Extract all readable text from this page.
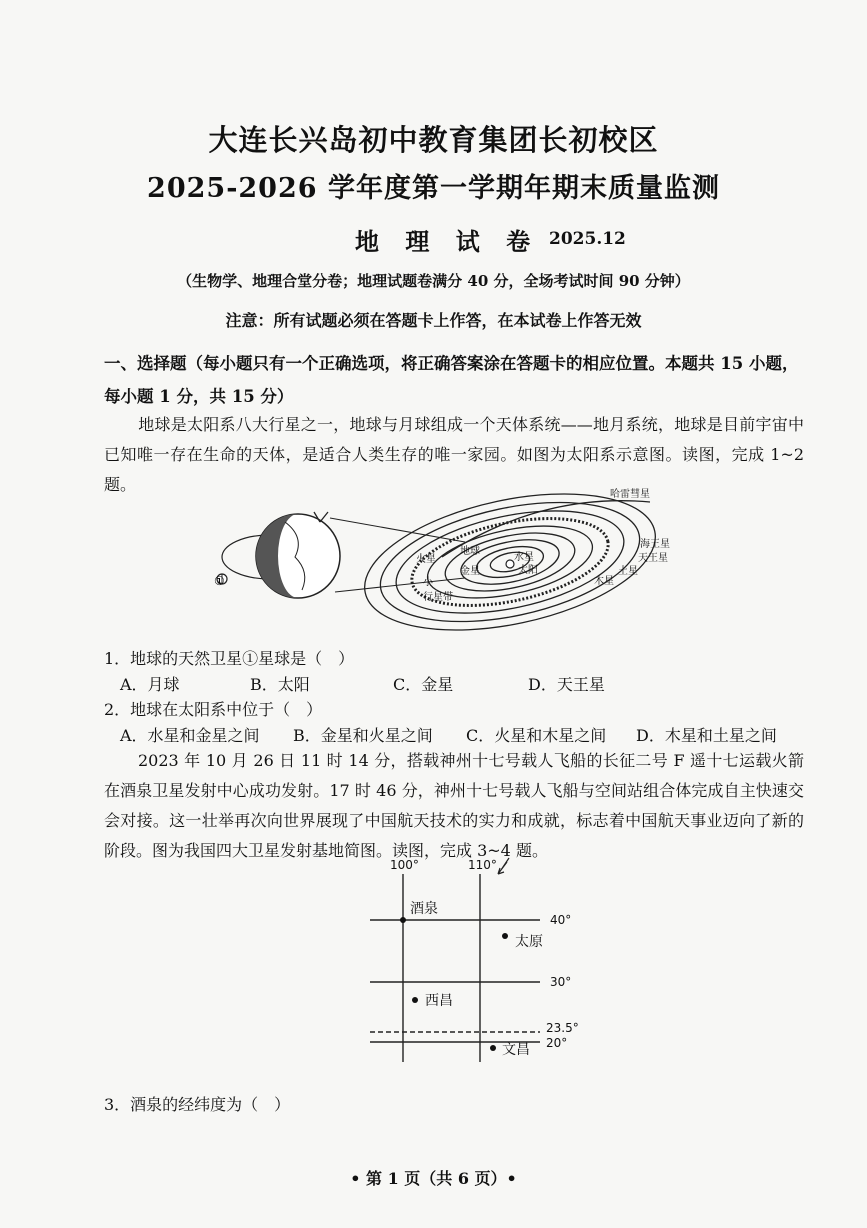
大连长兴岛初中教育集团长初校区
2025-2026 学年度第一学期年期末质量监测
地 理 试 卷 2025.12
（生物学、地理合堂分卷；地理试题卷满分 40 分，全场考试时间 90 分钟）
注意：所有试题必须在答题卡上作答，在本试卷上作答无效
一、选择题（每小题只有一个正确选项，将正确答案涂在答题卡的相应位置。本题共 15 小题，每小题 1 分，共 15 分）
地球是太阳系八大行星之一，地球与月球组成一个天体系统——地月系统，地球是目前宇宙中已知唯一存在生命的天体，是适合人类生存的唯一家园。如图为太阳系示意图。读图，完成 1~2 题。
①
哈雷彗星
海王星
天王星
土星
木星
火星
地球
金星
水星
太阳
小
行星带
1．地球的天然卫星①星球是（　）
A．月球	B．太阳	C．金星	D．天王星
2．地球在太阳系中位于（　）
A．水星和金星之间 B．金星和火星之间 C．火星和木星之间 D．木星和土星之间
2023 年 10 月 26 日 11 时 14 分，搭载神州十七号载人飞船的长征二号 F 遥十七运载火箭在酒泉卫星发射中心成功发射。17 时 46 分，神州十七号载人飞船与空间站组合体完成自主快速交会对接。这一壮举再次向世界展现了中国航天技术的实力和成就，标志着中国航天事业迈向了新的阶段。图为我国四大卫星发射基地简图。读图，完成 3~4 题。
100°	110°
40°
30°
23.5°
20°
酒泉
太原
西昌
文昌
3．酒泉的经纬度为（　）
• 第 1 页（共 6 页）•
